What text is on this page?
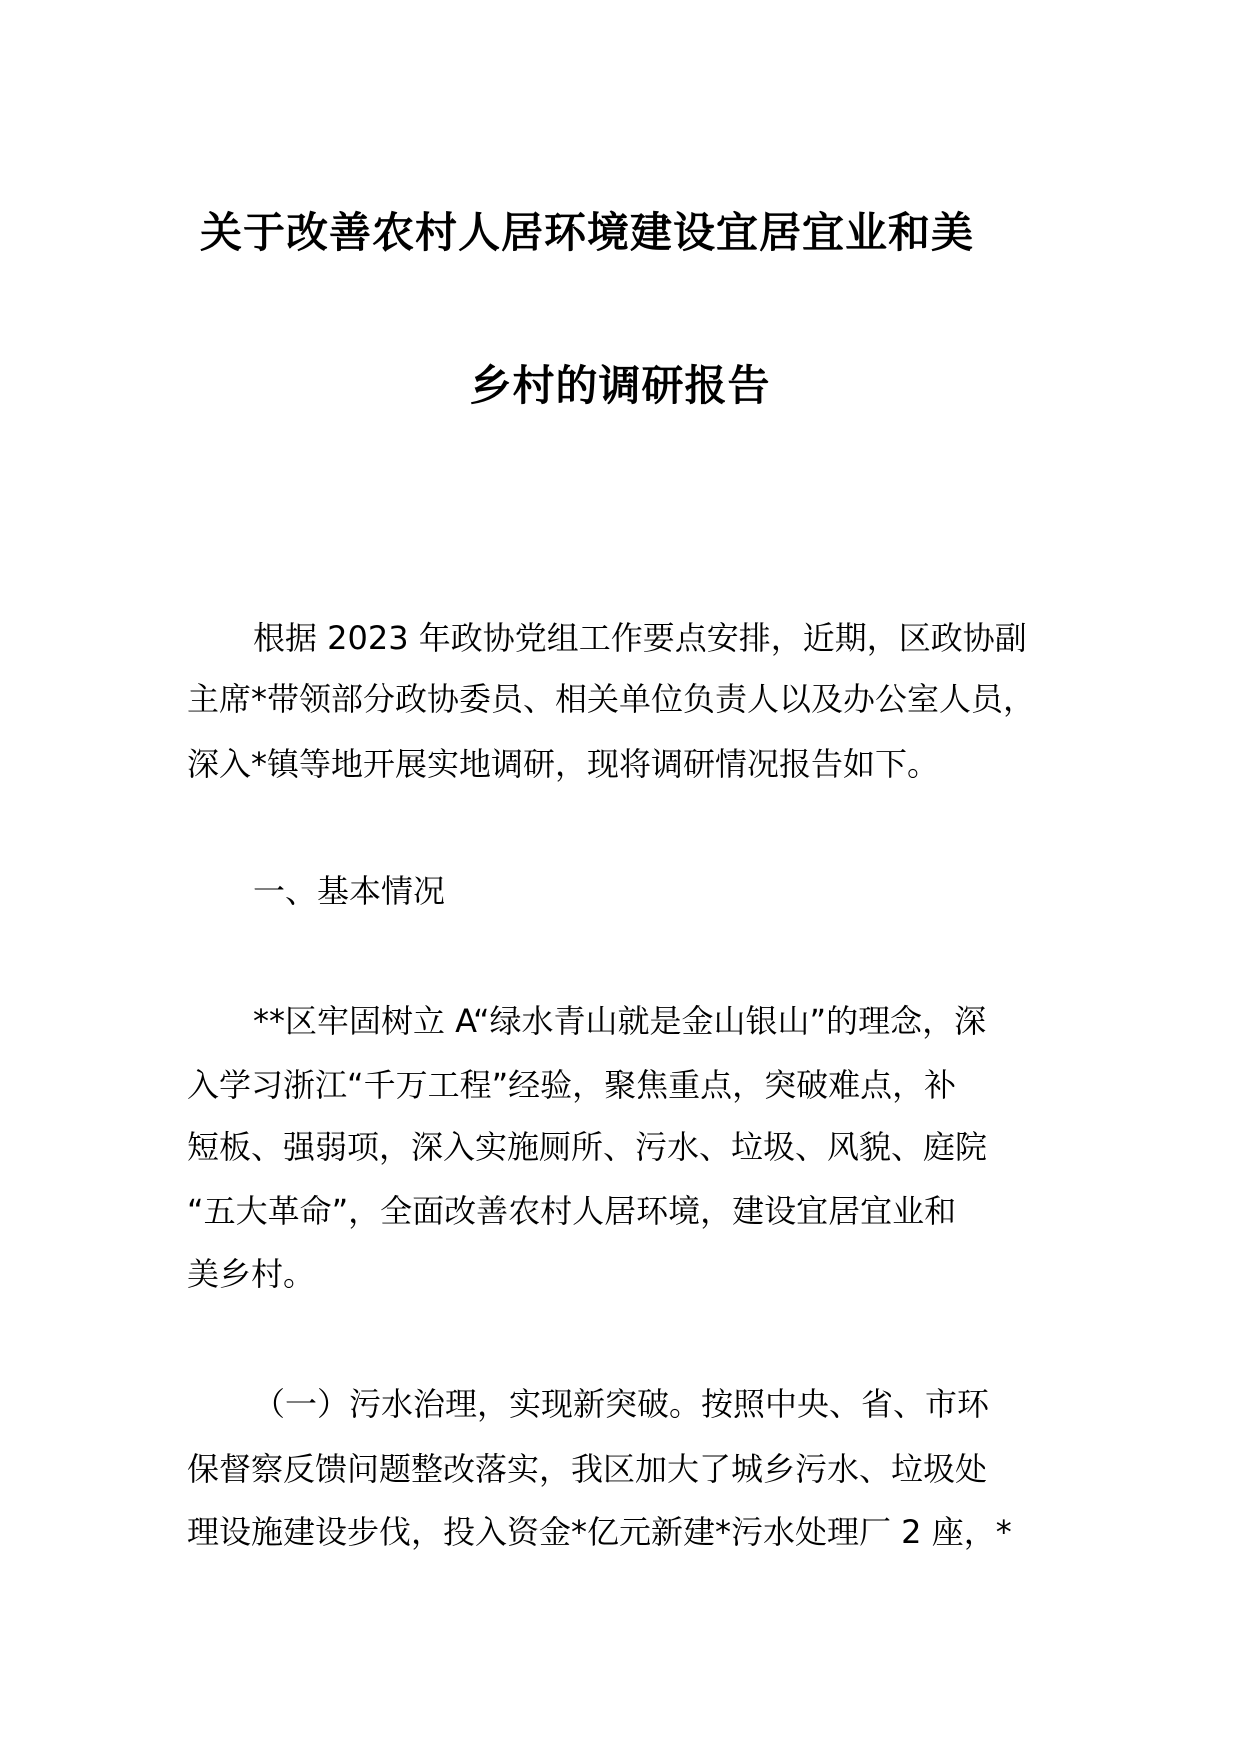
关于改善农村人居环境建设宜居宜业和美
乡村的调研报告

根据 2023 年政协党组工作要点安排，近期，区政协副

主席*带领部分政协委员、相关单位负责人以及办公室人员，

深入*镇等地开展实地调研，现将调研情况报告如下。

一、基本情况

**区牢固树立 A“绿水青山就是金山银山”的理念，深

入学习浙江“千万工程”经验，聚焦重点，突破难点，补

短板、强弱项，深入实施厕所、污水、垃圾、风貌、庭院

“五大革命”，全面改善农村人居环境，建设宜居宜业和

美乡村。

（一）污水治理，实现新突破。按照中央、省、市环

保督察反馈问题整改落实，我区加大了城乡污水、垃圾处

理设施建设步伐，投入资金*亿元新建*污水处理厂 2 座，*
